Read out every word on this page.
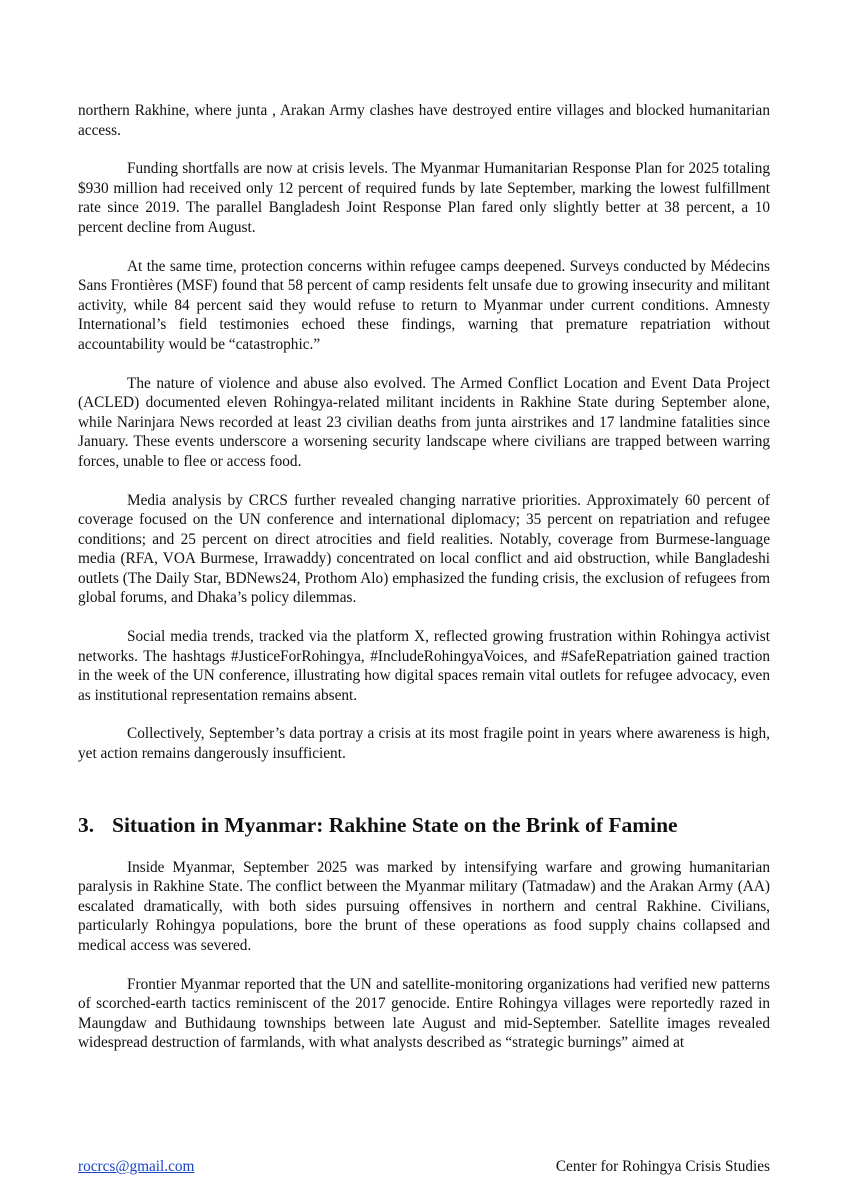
northern Rakhine, where junta , Arakan Army clashes have destroyed entire villages and blocked humanitarian access.

Funding shortfalls are now at crisis levels. The Myanmar Humanitarian Response Plan for 2025 totaling $930 million had received only 12 percent of required funds by late September, marking the lowest fulfillment rate since 2019. The parallel Bangladesh Joint Response Plan fared only slightly better at 38 percent, a 10 percent decline from August.

At the same time, protection concerns within refugee camps deepened. Surveys conducted by Médecins Sans Frontières (MSF) found that 58 percent of camp residents felt unsafe due to growing insecurity and militant activity, while 84 percent said they would refuse to return to Myanmar under current conditions. Amnesty International’s field testimonies echoed these findings, warning that premature repatriation without accountability would be “catastrophic.”

The nature of violence and abuse also evolved. The Armed Conflict Location and Event Data Project (ACLED) documented eleven Rohingya-related militant incidents in Rakhine State during September alone, while Narinjara News recorded at least 23 civilian deaths from junta airstrikes and 17 landmine fatalities since January. These events underscore a worsening security landscape where civilians are trapped between warring forces, unable to flee or access food.

Media analysis by CRCS further revealed changing narrative priorities. Approximately 60 percent of coverage focused on the UN conference and international diplomacy; 35 percent on repatriation and refugee conditions; and 25 percent on direct atrocities and field realities. Notably, coverage from Burmese-language media (RFA, VOA Burmese, Irrawaddy) concentrated on local conflict and aid obstruction, while Bangladeshi outlets (The Daily Star, BDNews24, Prothom Alo) emphasized the funding crisis, the exclusion of refugees from global forums, and Dhaka’s policy dilemmas.

Social media trends, tracked via the platform X, reflected growing frustration within Rohingya activist networks. The hashtags #JusticeForRohingya, #IncludeRohingyaVoices, and #SafeRepatriation gained traction in the week of the UN conference, illustrating how digital spaces remain vital outlets for refugee advocacy, even as institutional representation remains absent.

Collectively, September’s data portray a crisis at its most fragile point in years where awareness is high, yet action remains dangerously insufficient.

3. Situation in Myanmar: Rakhine State on the Brink of Famine

Inside Myanmar, September 2025 was marked by intensifying warfare and growing humanitarian paralysis in Rakhine State. The conflict between the Myanmar military (Tatmadaw) and the Arakan Army (AA) escalated dramatically, with both sides pursuing offensives in northern and central Rakhine. Civilians, particularly Rohingya populations, bore the brunt of these operations as food supply chains collapsed and medical access was severed.

Frontier Myanmar reported that the UN and satellite-monitoring organizations had verified new patterns of scorched-earth tactics reminiscent of the 2017 genocide. Entire Rohingya villages were reportedly razed in Maungdaw and Buthidaung townships between late August and mid-September. Satellite images revealed widespread destruction of farmlands, with what analysts described as “strategic burnings” aimed at

rocrcs@gmail.com	Center for Rohingya Crisis Studies
